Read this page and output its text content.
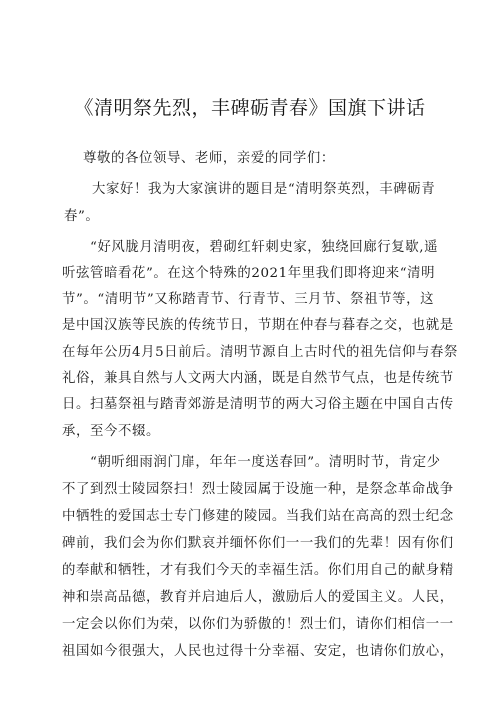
《清明祭先烈，丰碑砺青春》国旗下讲话
尊敬的各位领导、老师，亲爱的同学们：
大家好！我为大家演讲的题目是“清明祭英烈，丰碑砺青
春”。
“好风胧月清明夜，碧砌红轩刺史家，独绕回廊行复歇,遥
听弦管暗看花”。在这个特殊的2021年里我们即将迎来“清明
节”。“清明节”又称踏青节、行青节、三月节、祭祖节等，这
是中国汉族等民族的传统节日，节期在仲春与暮春之交，也就是
在每年公历4月5日前后。清明节源自上古时代的祖先信仰与春祭
礼俗，兼具自然与人文两大内涵，既是自然节气点，也是传统节
日。扫墓祭祖与踏青郊游是清明节的两大习俗主题在中国自古传
承，至今不辍。
“朝听细雨润门扉，年年一度送春回”。清明时节，肯定少
不了到烈士陵园祭扫！烈士陵园属于设施一种，是祭念革命战争
中牺牲的爱国志士专门修建的陵园。当我们站在高高的烈士纪念
碑前，我们会为你们默哀并缅怀你们一一我们的先辈！因有你们
的奉献和牺牲，才有我们今天的幸福生活。你们用自己的献身精
神和崇高品德，教育并启迪后人，激励后人的爱国主义。人民，
一定会以你们为荣，以你们为骄傲的！烈士们，请你们相信一一
祖国如今很强大，人民也过得十分幸福、安定，也请你们放心，
